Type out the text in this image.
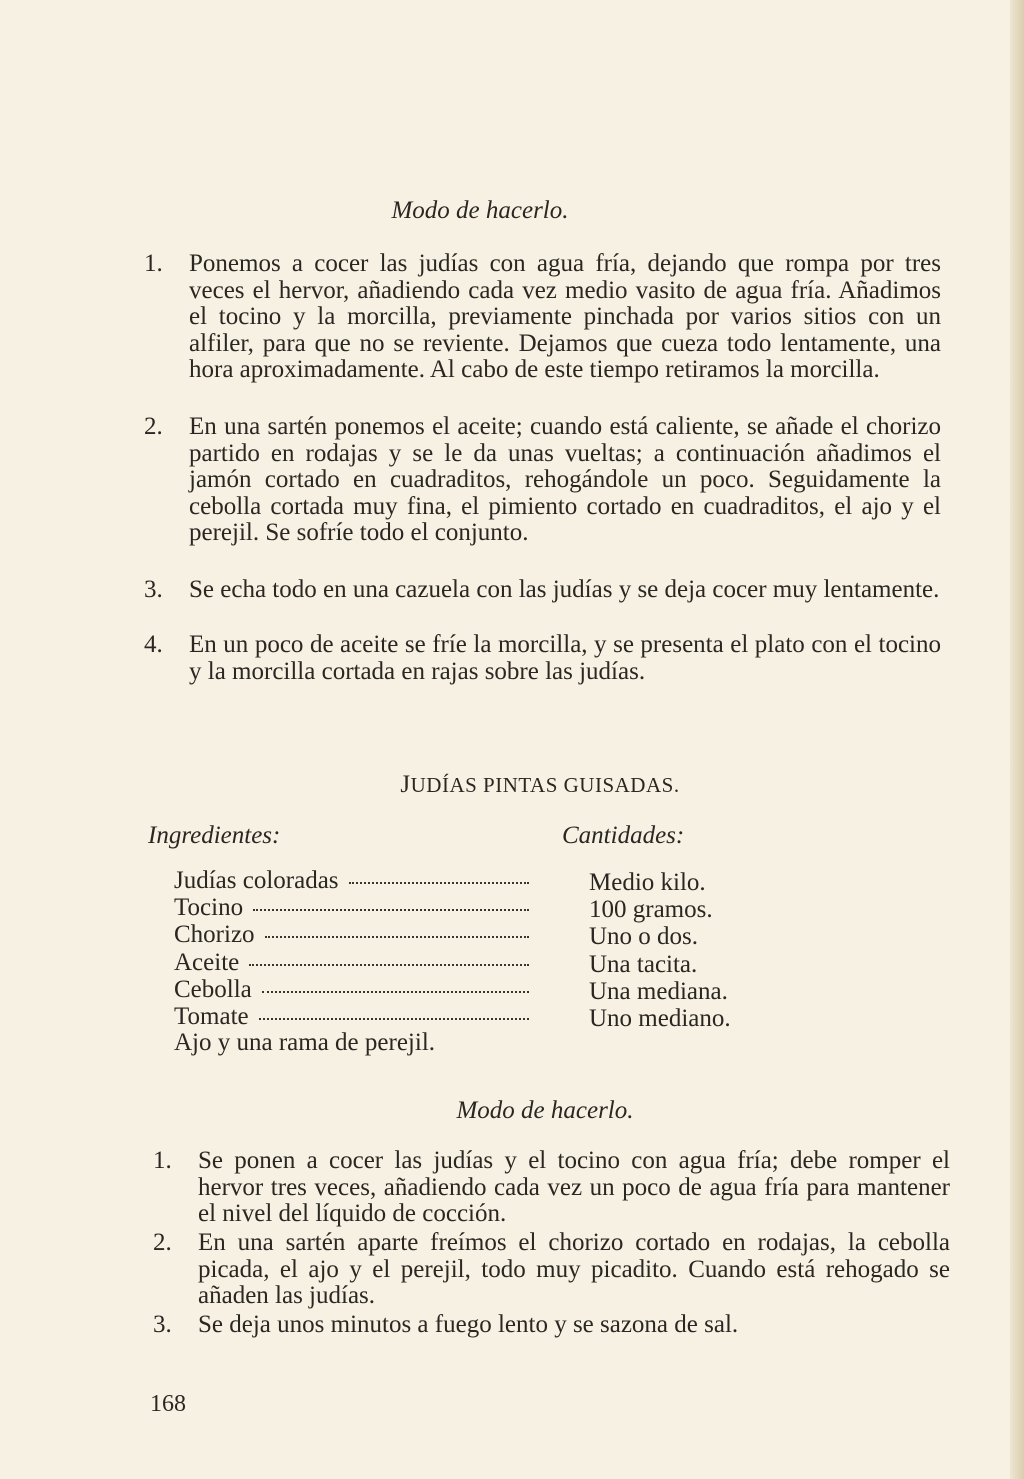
Modo de hacerlo.
1. Ponemos a cocer las judías con agua fría, dejando que rompa por tres veces el hervor, añadiendo cada vez medio vasito de agua fría. Añadimos el tocino y la morcilla, previamente pinchada por varios sitios con un alfiler, para que no se reviente. Dejamos que cueza todo lentamente, una hora aproximadamente. Al cabo de este tiempo retiramos la morcilla.
2. En una sartén ponemos el aceite; cuando está caliente, se añade el chorizo partido en rodajas y se le da unas vueltas; a continuación añadimos el jamón cortado en cuadraditos, rehogándole un poco. Seguidamente la cebolla cortada muy fina, el pimiento cortado en cuadraditos, el ajo y el perejil. Se sofríe todo el conjunto.
3. Se echa todo en una cazuela con las judías y se deja cocer muy lentamente.
4. En un poco de aceite se fríe la morcilla, y se presenta el plato con el tocino y la morcilla cortada en rajas sobre las judías.
JUDÍAS PINTAS GUISADAS.
Ingredientes:	Cantidades:
Judías coloradas
Tocino
Chorizo
Aceite
Cebolla
Tomate
Ajo y una rama de perejil.
Medio kilo.
100 gramos.
Uno o dos.
Una tacita.
Una mediana.
Uno mediano.
Modo de hacerlo.
1. Se ponen a cocer las judías y el tocino con agua fría; debe romper el hervor tres veces, añadiendo cada vez un poco de agua fría para mantener el nivel del líquido de cocción.
2. En una sartén aparte freímos el chorizo cortado en rodajas, la cebolla picada, el ajo y el perejil, todo muy picadito. Cuando está rehogado se añaden las judías.
3. Se deja unos minutos a fuego lento y se sazona de sal.
168
